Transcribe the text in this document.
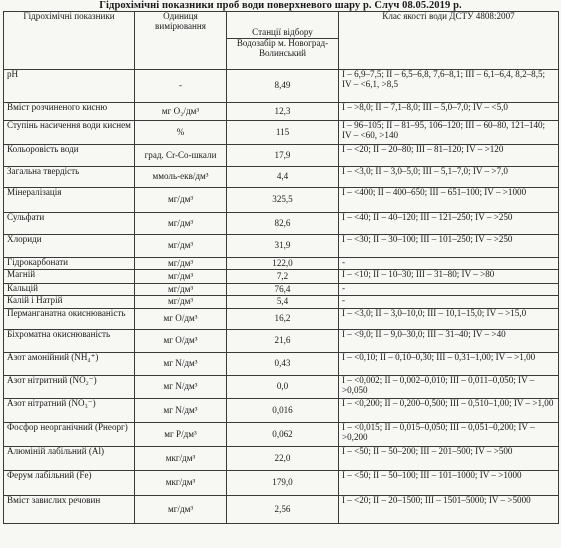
Гідрохімічні показники проб води поверхневого шару р. Случ 08.05.2019 р.
Гідрохімічні показники	Одиниця вимірювання	Станції відбору	Клас якості води ДСТУ 4808:2007
		Водозабір м. Новоград-Волинський	
pH	-	8,49	I – 6,9–7,5; II – 6,5–6,8, 7,6–8,1; III – 6,1–6,4, 8,2–8,5; IV – <6,1, >8,5
Вміст розчиненого кисню	мг O₂/дм³	12,3	I – >8,0; II – 7,1–8,0; III – 5,0–7,0; IV – <5,0
Ступінь насичення води киснем	%	115	I – 96–105; II – 81–95, 106–120; III – 60–80, 121–140; IV – <60, >140
Кольоровість води	град. Cr-Co-шкали	17,9	I – <20; II – 20–80; III – 81–120; IV – >120
Загальна твердість	ммоль-екв/дм³	4,4	I – <3,0; II – 3,0–5,0; III – 5,1–7,0; IV – >7,0
Мінералізація	мг/дм³	325,5	I – <400; II – 400–650; III – 651–100; IV – >1000
Сульфати	мг/дм³	82,6	I – <40; II – 40–120; III – 121–250; IV – >250
Хлориди	мг/дм³	31,9	I – <30; II – 30–100; III – 101–250; IV – >250
Гідрокарбонати	мг/дм³	122,0	-
Магній	мг/дм³	7,2	I – <10; II – 10–30; III – 31–80; IV – >80
Кальцій	мг/дм³	76,4	-
Калій і Натрій	мг/дм³	5,4	-
Перманганатна окиснюваність	мг O/дм³	16,2	I – <3,0; II – 3,0–10,0; III – 10,1–15,0; IV – >15,0
Біхроматна окиснюваність	мг O/дм³	21,6	I – <9,0; II – 9,0–30,0; III – 31–40; IV – >40
Азот амонійний (NH₄⁺)	мг N/дм³	0,43	I – <0,10; II – 0,10–0,30; III – 0,31–1,00; IV – >1,00
Азот нітритний (NO₂⁻)	мг N/дм³	0,0	I – <0,002; II – 0,002–0,010; III – 0,011–0,050; IV – >0,050
Азот нітратний (NO₃⁻)	мг N/дм³	0,016	I – <0,200; II – 0,200–0,500; III – 0,510–1,00; IV – >1,00
Фосфор неорганічний (Pнеорг)	мг P/дм³	0,062	I – <0,015; II – 0,015–0,050; III – 0,051–0,200; IV – >0,200
Алюміній лабільний (Al)	мкг/дм³	22,0	I – <50; II – 50–200; III – 201–500; IV – >500
Ферум лабільний (Fe)	мкг/дм³	179,0	I – <50; II – 50–100; III – 101–1000; IV – >1000
Вміст завислих речовин	мг/дм³	2,56	I – <20; II – 20–1500; III – 1501–5000; IV – >5000
